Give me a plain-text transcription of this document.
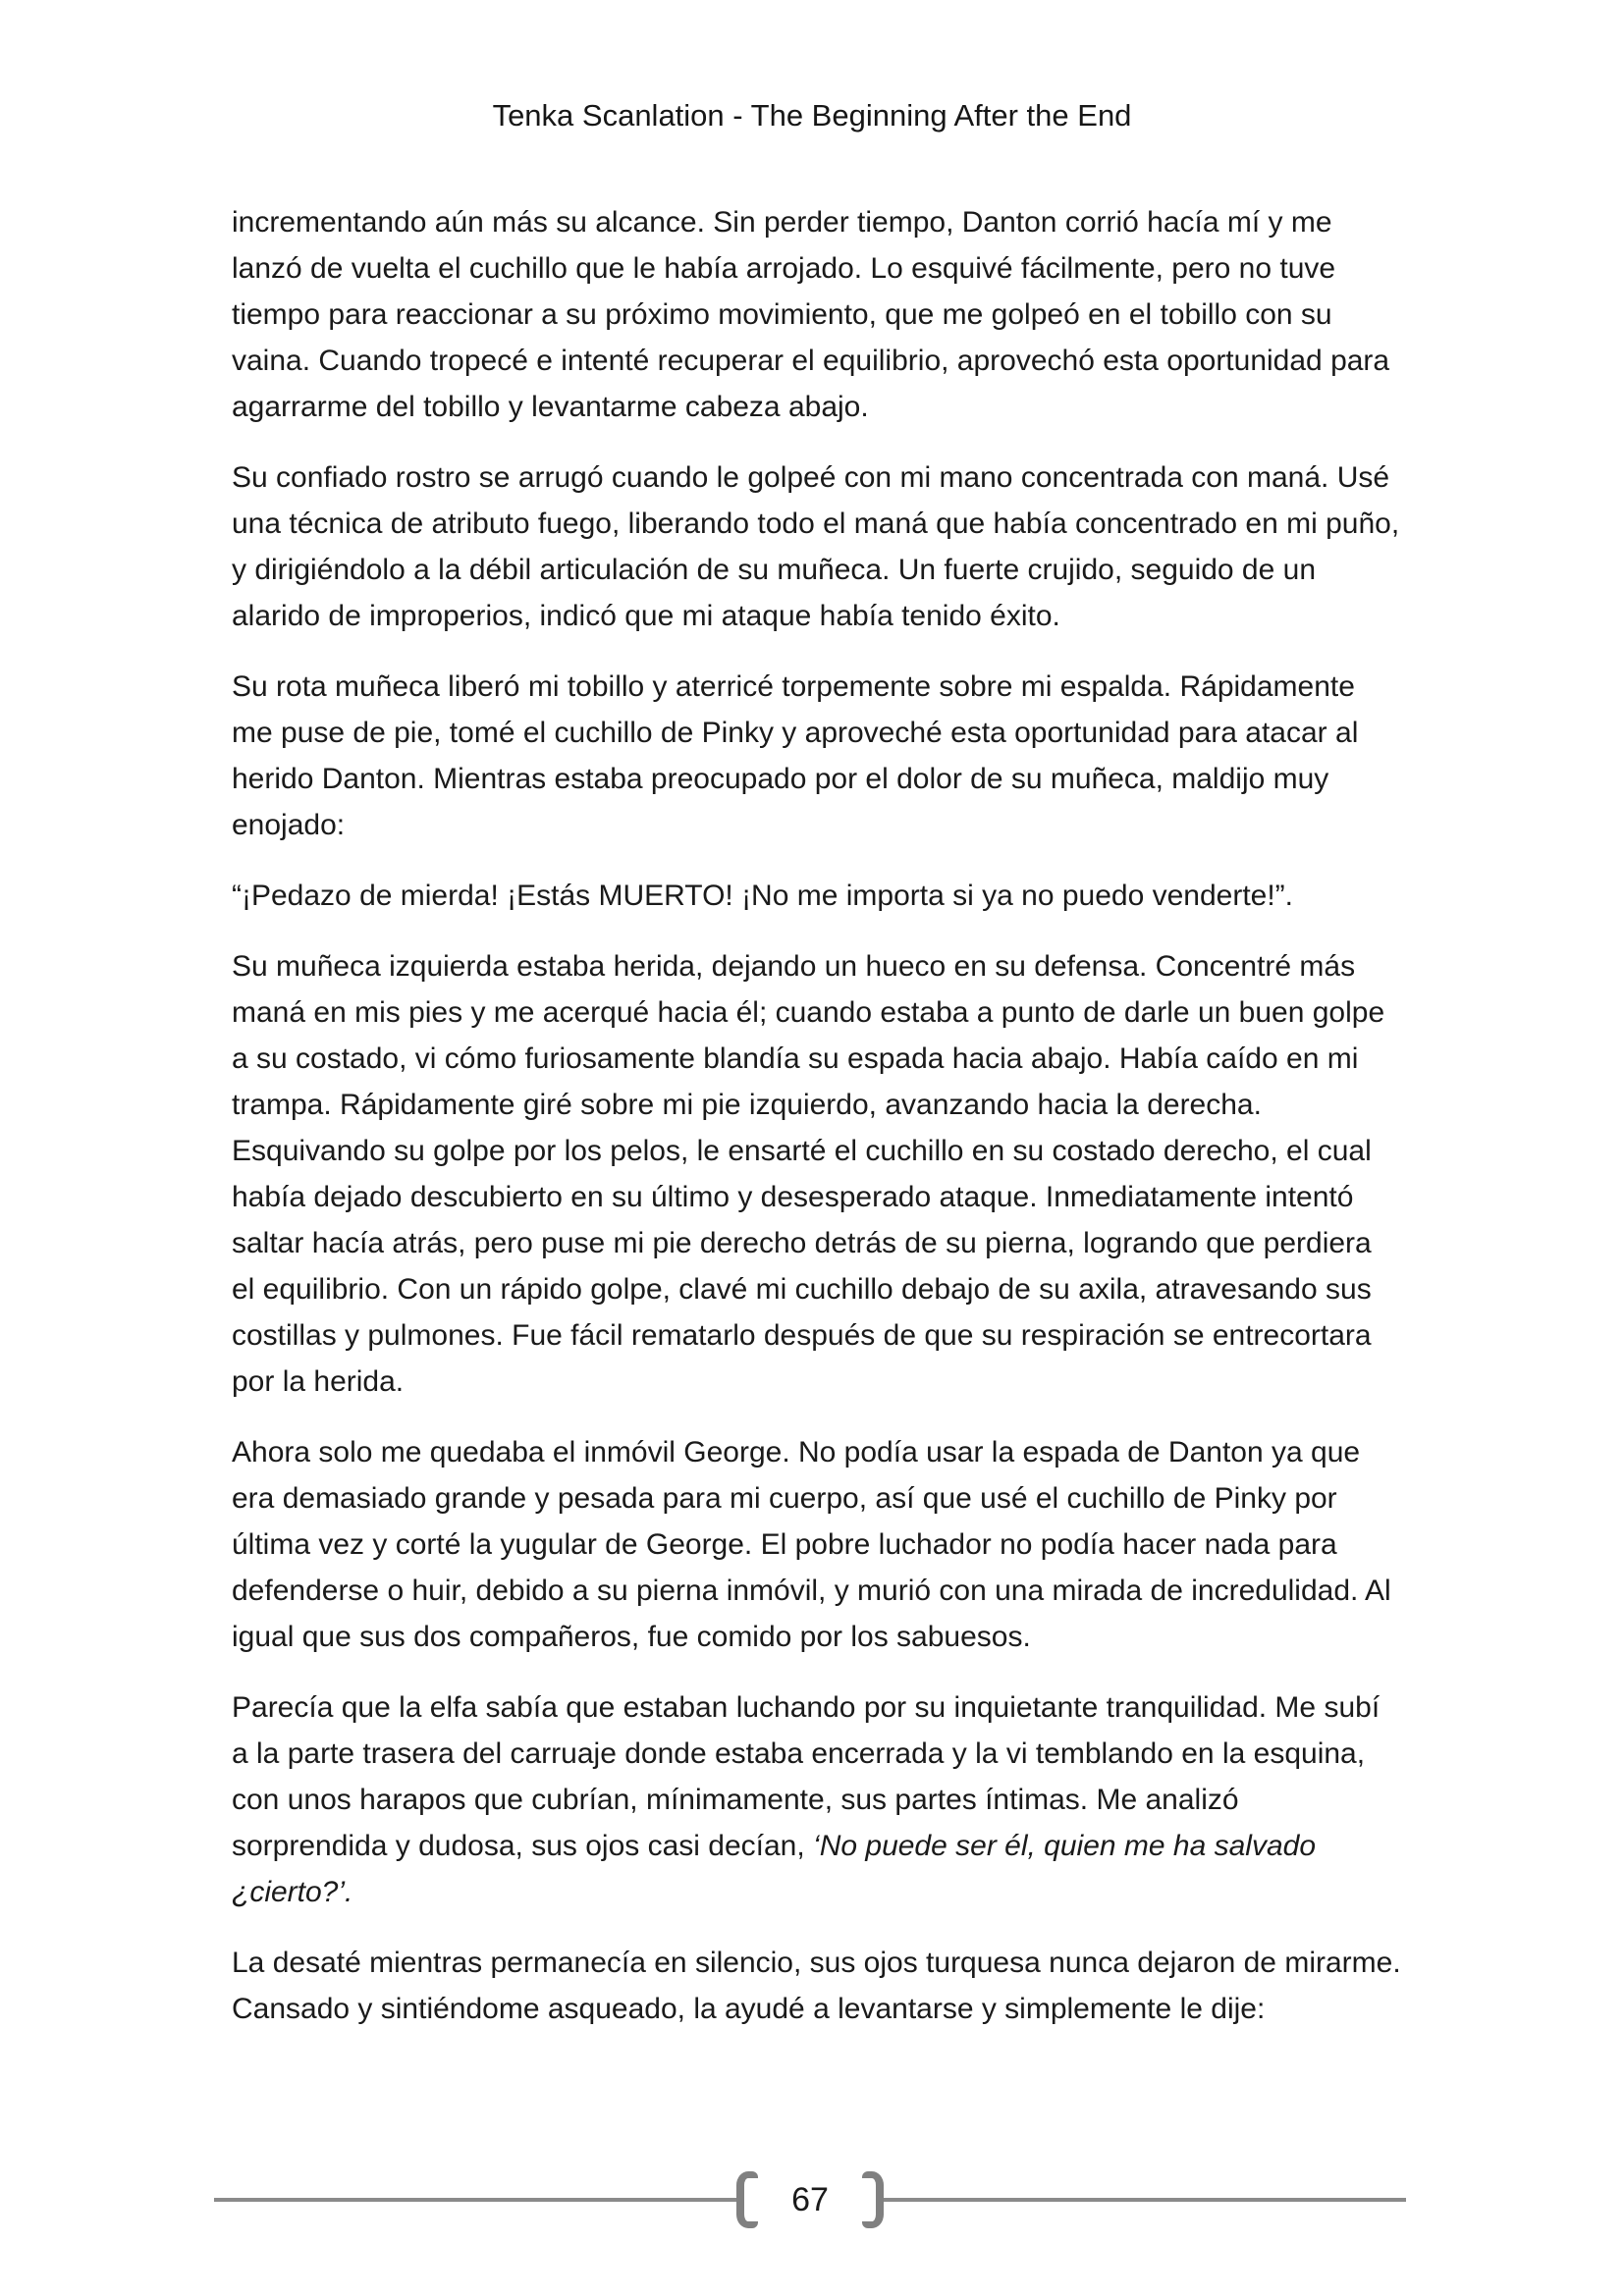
Tenka Scanlation - The Beginning After the End

incrementando aún más su alcance. Sin perder tiempo, Danton corrió hacía mí y me lanzó de vuelta el cuchillo que le había arrojado. Lo esquivé fácilmente, pero no tuve tiempo para reaccionar a su próximo movimiento, que me golpeó en el tobillo con su vaina. Cuando tropecé e intenté recuperar el equilibrio, aprovechó esta oportunidad para agarrarme del tobillo y levantarme cabeza abajo.

Su confiado rostro se arrugó cuando le golpeé con mi mano concentrada con maná. Usé una técnica de atributo fuego, liberando todo el maná que había concentrado en mi puño, y dirigiéndolo a la débil articulación de su muñeca. Un fuerte crujido, seguido de un alarido de improperios, indicó que mi ataque había tenido éxito.

Su rota muñeca liberó mi tobillo y aterricé torpemente sobre mi espalda. Rápidamente me puse de pie, tomé el cuchillo de Pinky y aproveché esta oportunidad para atacar al herido Danton. Mientras estaba preocupado por el dolor de su muñeca, maldijo muy enojado:

“¡Pedazo de mierda! ¡Estás MUERTO! ¡No me importa si ya no puedo venderte!”.

Su muñeca izquierda estaba herida, dejando un hueco en su defensa. Concentré más maná en mis pies y me acerqué hacia él; cuando estaba a punto de darle un buen golpe a su costado, vi cómo furiosamente blandía su espada hacia abajo. Había caído en mi trampa. Rápidamente giré sobre mi pie izquierdo, avanzando hacia la derecha. Esquivando su golpe por los pelos, le ensarté el cuchillo en su costado derecho, el cual había dejado descubierto en su último y desesperado ataque. Inmediatamente intentó saltar hacía atrás, pero puse mi pie derecho detrás de su pierna, logrando que perdiera el equilibrio. Con un rápido golpe, clavé mi cuchillo debajo de su axila, atravesando sus costillas y pulmones. Fue fácil rematarlo después de que su respiración se entrecortara por la herida.

Ahora solo me quedaba el inmóvil George. No podía usar la espada de Danton ya que era demasiado grande y pesada para mi cuerpo, así que usé el cuchillo de Pinky por última vez y corté la yugular de George. El pobre luchador no podía hacer nada para defenderse o huir, debido a su pierna inmóvil, y murió con una mirada de incredulidad. Al igual que sus dos compañeros, fue comido por los sabuesos.

Parecía que la elfa sabía que estaban luchando por su inquietante tranquilidad. Me subí a la parte trasera del carruaje donde estaba encerrada y la vi temblando en la esquina, con unos harapos que cubrían, mínimamente, sus partes íntimas. Me analizó sorprendida y dudosa, sus ojos casi decían, ‘No puede ser él, quien me ha salvado ¿cierto?’.

La desaté mientras permanecía en silencio, sus ojos turquesa nunca dejaron de mirarme. Cansado y sintiéndome asqueado, la ayudé a levantarse y simplemente le dije:

67
